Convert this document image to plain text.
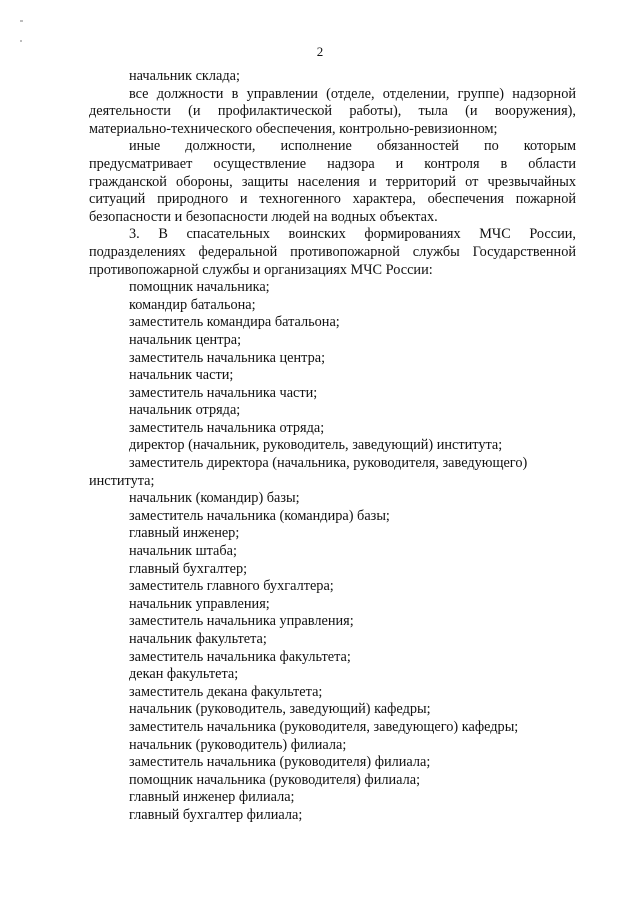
2
начальник склада;
все должности в управлении (отделе, отделении, группе) надзорной
деятельности (и профилактической работы), тыла (и вооружения),
материально-технического обеспечения, контрольно-ревизионном;
иные должности, исполнение обязанностей по которым
предусматривает осуществление надзора и контроля в области
гражданской обороны, защиты населения и территорий от чрезвычайных
ситуаций природного и техногенного характера, обеспечения пожарной
безопасности и безопасности людей на водных объектах.
3. В спасательных воинских формированиях МЧС России,
подразделениях федеральной противопожарной службы Государственной
противопожарной службы и организациях МЧС России:
помощник начальника;
командир батальона;
заместитель командира батальона;
начальник центра;
заместитель начальника центра;
начальник части;
заместитель начальника части;
начальник отряда;
заместитель начальника отряда;
директор (начальник, руководитель, заведующий) института;
заместитель директора (начальника, руководителя, заведующего)
института;
начальник (командир) базы;
заместитель начальника (командира) базы;
главный инженер;
начальник штаба;
главный бухгалтер;
заместитель главного бухгалтера;
начальник управления;
заместитель начальника управления;
начальник факультета;
заместитель начальника факультета;
декан факультета;
заместитель декана факультета;
начальник (руководитель, заведующий) кафедры;
заместитель начальника (руководителя, заведующего) кафедры;
начальник (руководитель) филиала;
заместитель начальника (руководителя) филиала;
помощник начальника (руководителя) филиала;
главный инженер филиала;
главный бухгалтер филиала;
